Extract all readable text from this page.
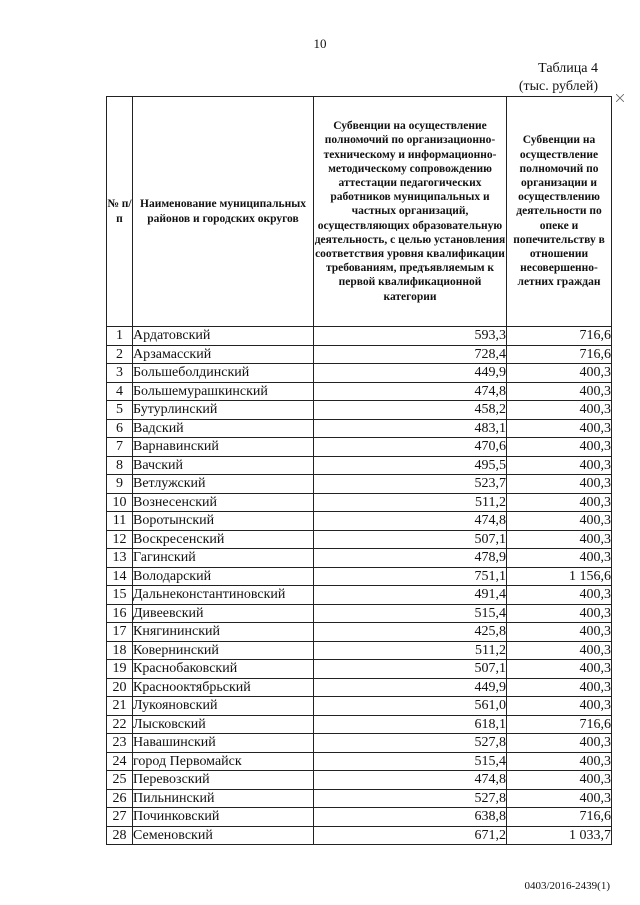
10
Таблица 4
(тыс. рублей)
№ п/п	Наименование муниципальных районов и городских округов	Субвенции на осуществление полномочий по организационно-техническому и информационно-методическому сопровождению аттестации педагогических работников муниципальных и частных организаций, осуществляющих образовательную деятельность, с целью установления соответствия уровня квалификации требованиям, предъявляемым к первой квалификационной категории	Субвенции на осуществление полномочий по организации и осуществлению деятельности по опеке и попечительству в отношении несовершенно-летних граждан
1	Ардатовский	593,3	716,6
2	Арзамасский	728,4	716,6
3	Большеболдинский	449,9	400,3
4	Большемурашкинский	474,8	400,3
5	Бутурлинский	458,2	400,3
6	Вадский	483,1	400,3
7	Варнавинский	470,6	400,3
8	Вачский	495,5	400,3
9	Ветлужский	523,7	400,3
10	Вознесенский	511,2	400,3
11	Воротынский	474,8	400,3
12	Воскресенский	507,1	400,3
13	Гагинский	478,9	400,3
14	Володарский	751,1	1 156,6
15	Дальнеконстантиновский	491,4	400,3
16	Дивеевский	515,4	400,3
17	Княгининский	425,8	400,3
18	Ковернинский	511,2	400,3
19	Краснобаковский	507,1	400,3
20	Краснооктябрьский	449,9	400,3
21	Лукояновский	561,0	400,3
22	Лысковский	618,1	716,6
23	Навашинский	527,8	400,3
24	город Первомайск	515,4	400,3
25	Перевозский	474,8	400,3
26	Пильнинский	527,8	400,3
27	Починковский	638,8	716,6
28	Семеновский	671,2	1 033,7
0403/2016-2439(1)
